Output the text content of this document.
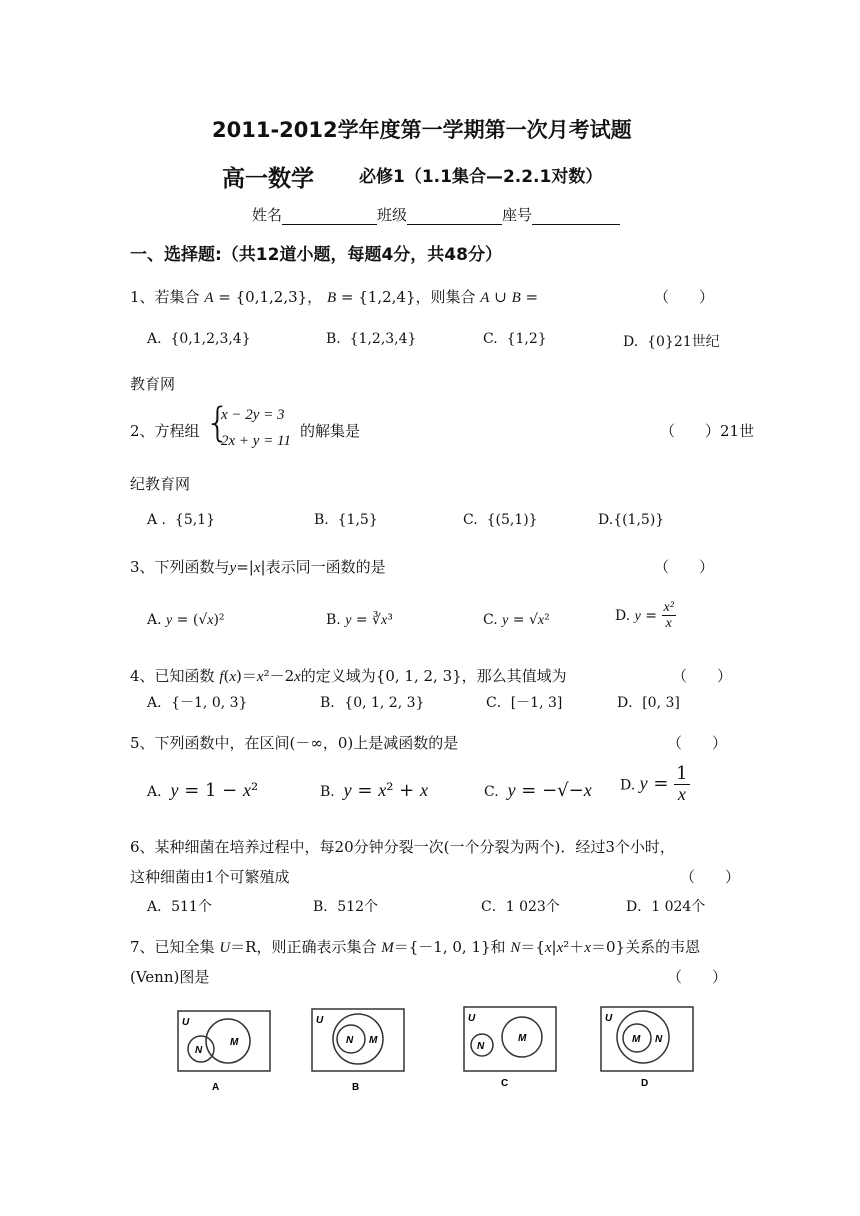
2011-2012学年度第一学期第一次月考试题
高一数学	必修1（1.1集合—2.2.1对数）
姓名	班级	座号
一、选择题:（共12道小题，每题4分，共48分）
1、若集合 A = {0,1,2,3}， B = {1,2,4}，则集合 A ∪ B =	（　　）
A.  {0,1,2,3,4}	B.  {1,2,3,4}	C.  {1,2}	D.  {0}21世纪
教育网
2、方程组 {
x − 2y = 3
2x + y = 11
的解集是	（　　）21世
纪教育网
A .  {5,1}	B.  {1,5}	C.  {(5,1)}	D.{(1,5)}
3、下列函数与y=|x|表示同一函数的是	（　　）
A. y = (√x)²	B. y = ∛x³	C. y = √x²	D. $y = \frac{\text{x²}}{x}$
4、已知函数 f(x)＝x²－2x的定义域为{0, 1, 2, 3}，那么其值域为	（　　）
A．{－1, 0, 3}	B．{0, 1, 2, 3}	C．[－1, 3]	D．[0, 3]
5、下列函数中，在区间(－∞，0)上是减函数的是	（　　）
A. y = 1 − x²	B. y = x² + x	C. y = −√−x D. $y = \frac{1}{x}$
6、某种细菌在培养过程中，每20分钟分裂一次(一个分裂为两个)．经过3个小时，
这种细菌由1个可繁殖成	（　　）
A．511个	B．512个	C．1 023个	D．1 024个
7、已知全集 U＝R，则正确表示集合 M＝{－1, 0, 1}和 N＝{x|x²＋x＝0}关系的韦恩
(Venn)图是	（　　）
U
M
N
A
U
N M
B
U
M
N
C
U
M N
D
